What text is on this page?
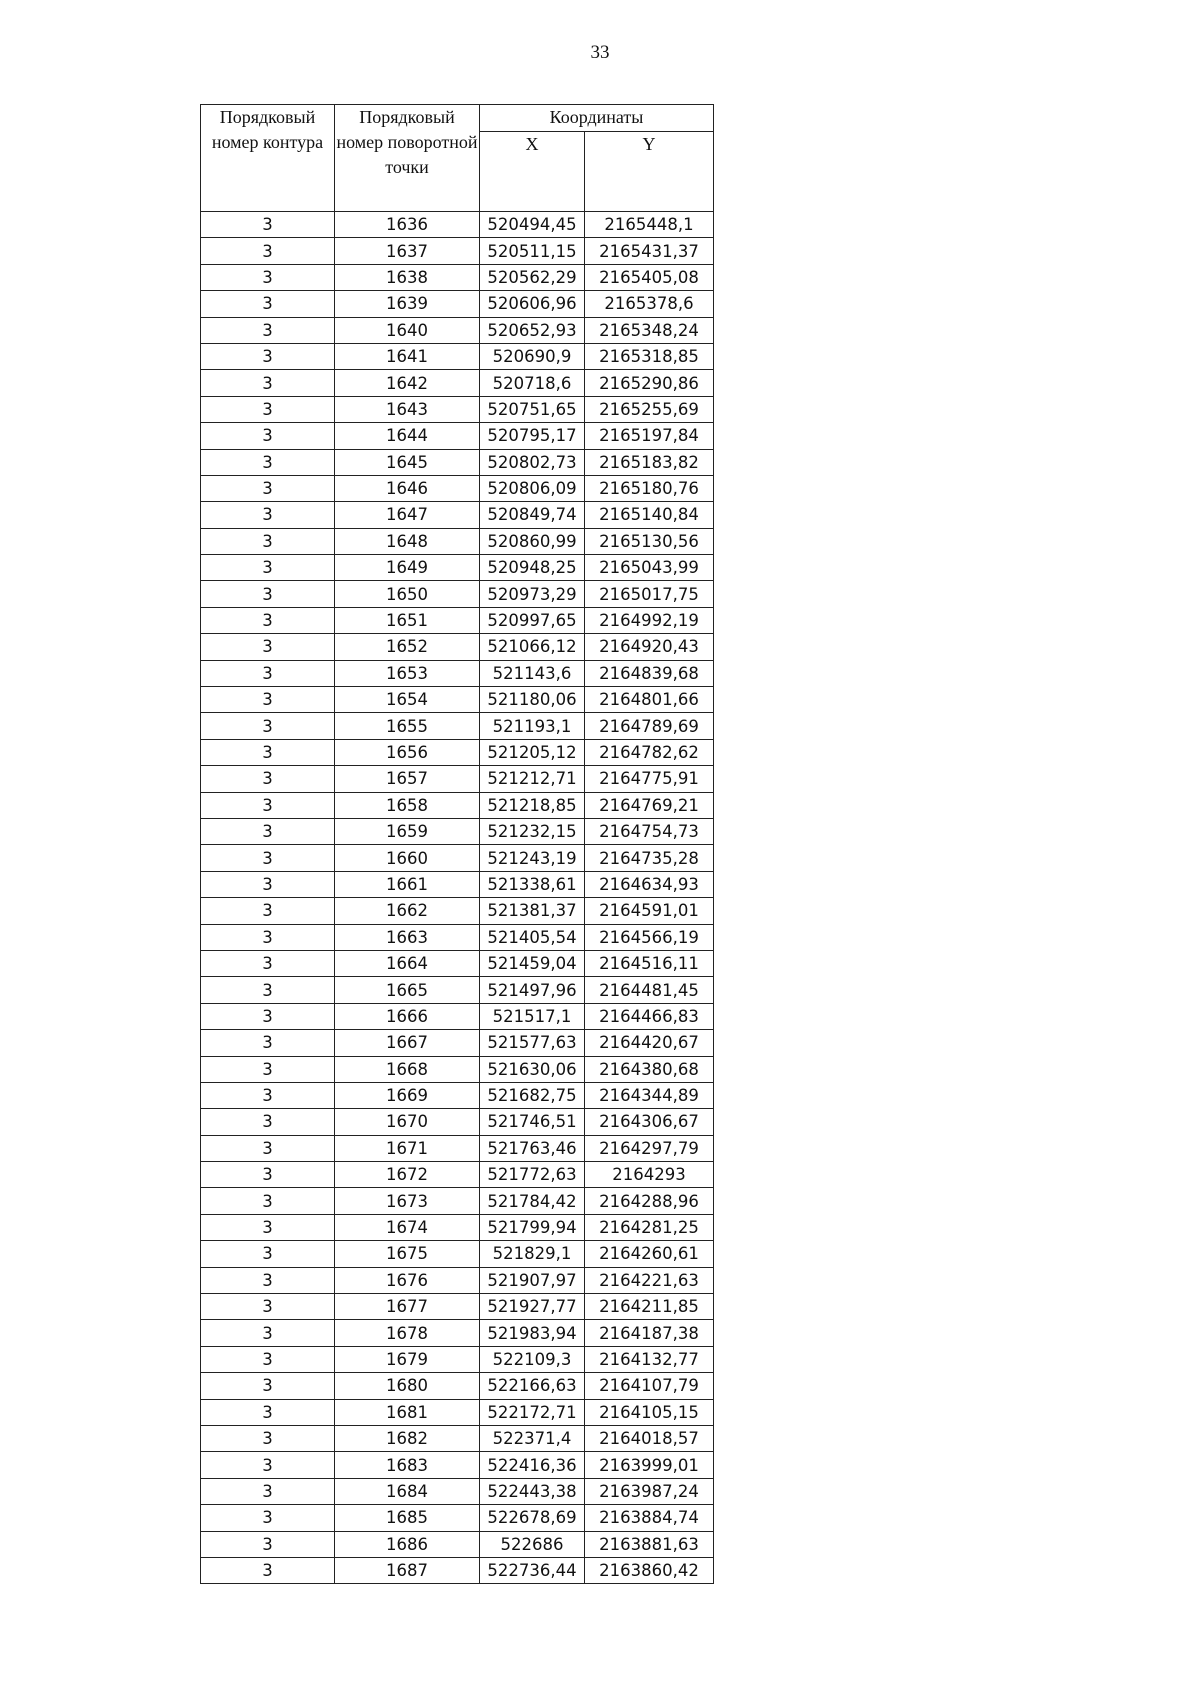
33
Порядковый номер контура	Порядковый номер поворотной точки	Координаты	
		X	Y
3	1636	520494,45	2165448,1
3	1637	520511,15	2165431,37
3	1638	520562,29	2165405,08
3	1639	520606,96	2165378,6
3	1640	520652,93	2165348,24
3	1641	520690,9	2165318,85
3	1642	520718,6	2165290,86
3	1643	520751,65	2165255,69
3	1644	520795,17	2165197,84
3	1645	520802,73	2165183,82
3	1646	520806,09	2165180,76
3	1647	520849,74	2165140,84
3	1648	520860,99	2165130,56
3	1649	520948,25	2165043,99
3	1650	520973,29	2165017,75
3	1651	520997,65	2164992,19
3	1652	521066,12	2164920,43
3	1653	521143,6	2164839,68
3	1654	521180,06	2164801,66
3	1655	521193,1	2164789,69
3	1656	521205,12	2164782,62
3	1657	521212,71	2164775,91
3	1658	521218,85	2164769,21
3	1659	521232,15	2164754,73
3	1660	521243,19	2164735,28
3	1661	521338,61	2164634,93
3	1662	521381,37	2164591,01
3	1663	521405,54	2164566,19
3	1664	521459,04	2164516,11
3	1665	521497,96	2164481,45
3	1666	521517,1	2164466,83
3	1667	521577,63	2164420,67
3	1668	521630,06	2164380,68
3	1669	521682,75	2164344,89
3	1670	521746,51	2164306,67
3	1671	521763,46	2164297,79
3	1672	521772,63	2164293
3	1673	521784,42	2164288,96
3	1674	521799,94	2164281,25
3	1675	521829,1	2164260,61
3	1676	521907,97	2164221,63
3	1677	521927,77	2164211,85
3	1678	521983,94	2164187,38
3	1679	522109,3	2164132,77
3	1680	522166,63	2164107,79
3	1681	522172,71	2164105,15
3	1682	522371,4	2164018,57
3	1683	522416,36	2163999,01
3	1684	522443,38	2163987,24
3	1685	522678,69	2163884,74
3	1686	522686	2163881,63
3	1687	522736,44	2163860,42
